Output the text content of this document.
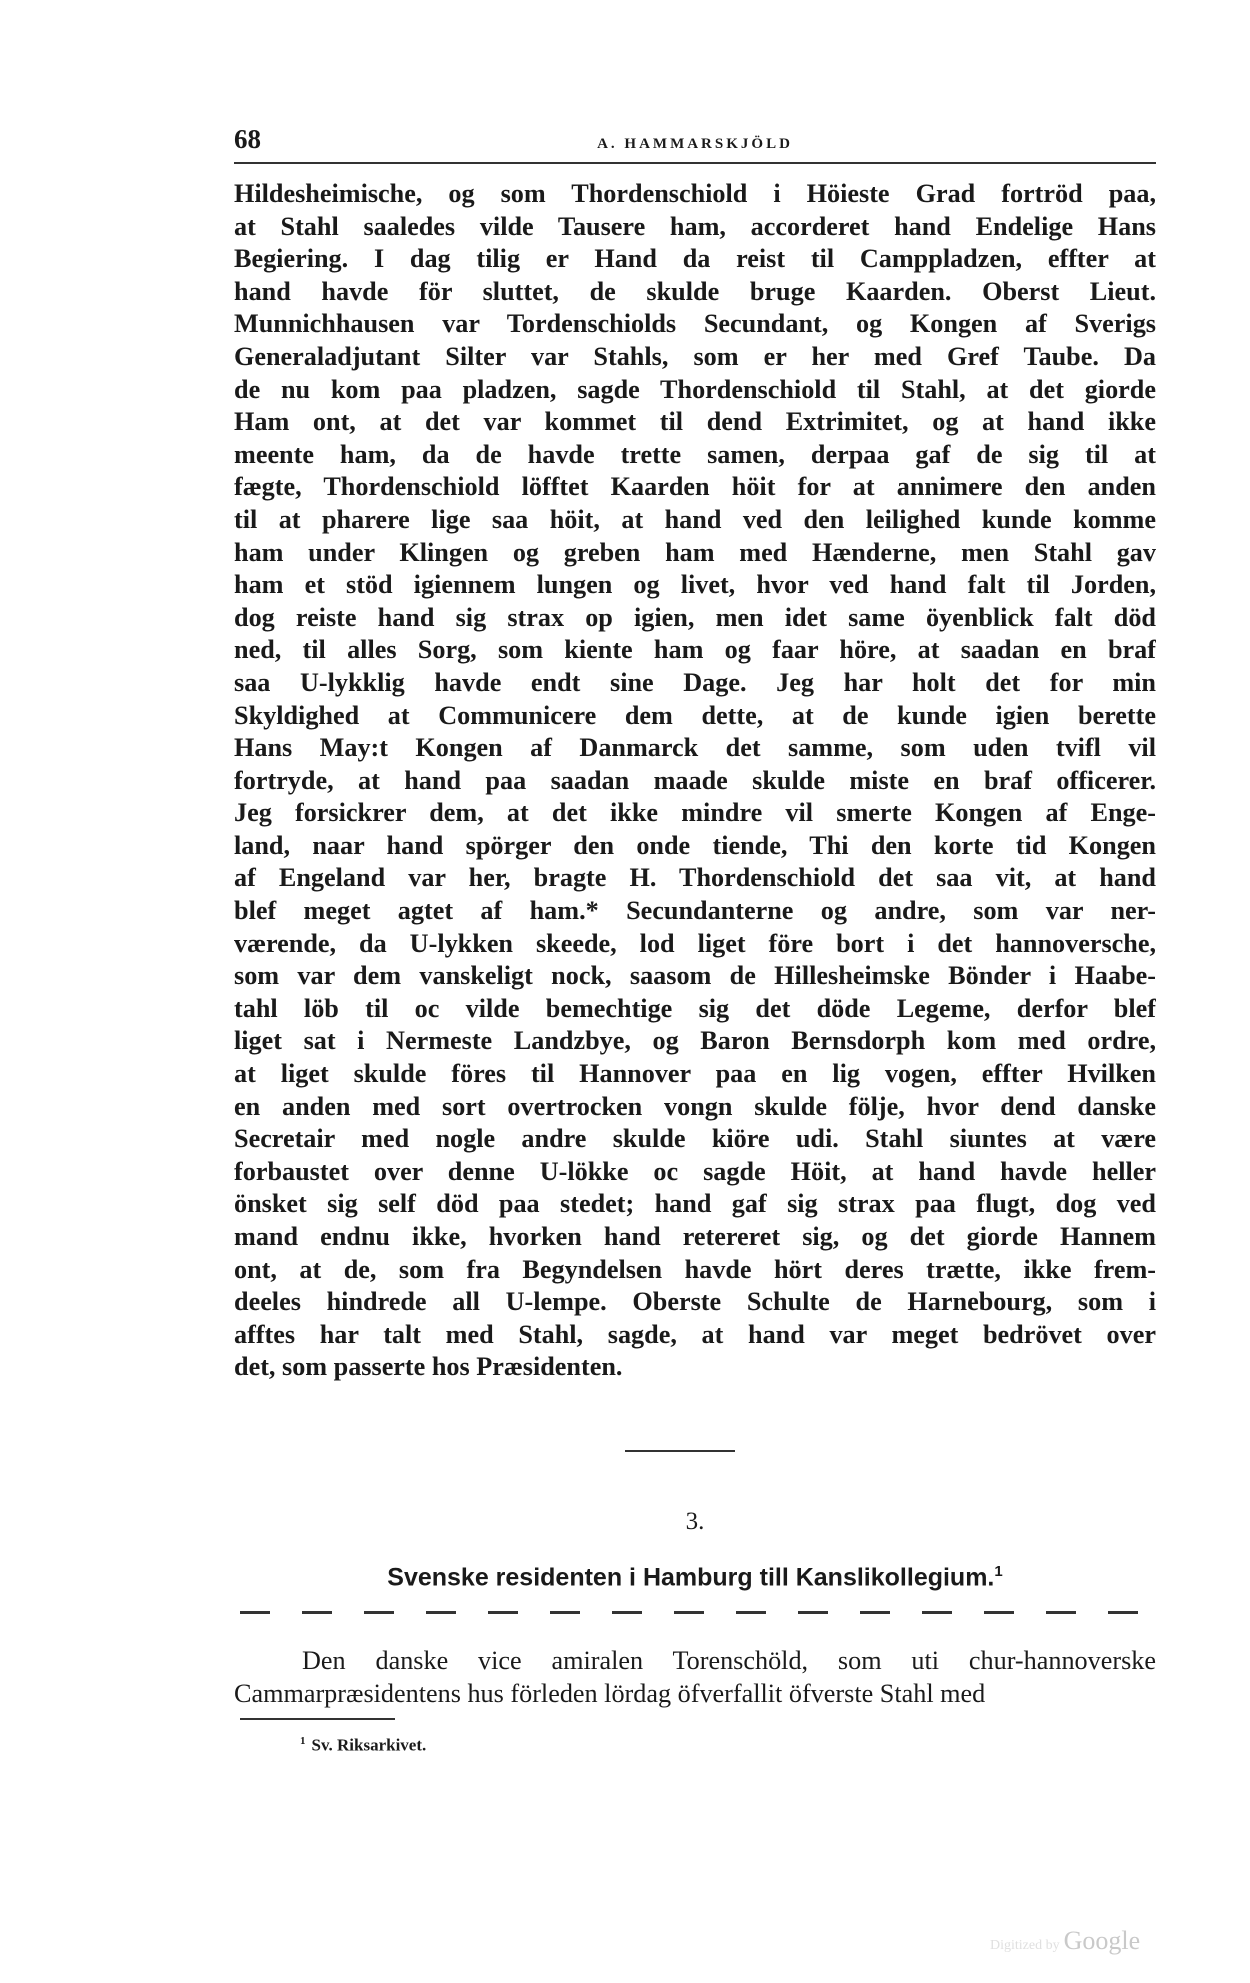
68	A. HAMMARSKJÖLD
Hildesheimische, og som Thordenschiold i Höieste Grad fortröd paa,
at Stahl saaledes vilde Tausere ham, accorderet hand Endelige Hans
Begiering. I dag tilig er Hand da reist til Camppladzen, effter at
hand havde för sluttet, de skulde bruge Kaarden. Oberst Lieut.
Munnichhausen var Tordenschiolds Secundant, og Kongen af Sverigs
Generaladjutant Silter var Stahls, som er her med Gref Taube. Da
de nu kom paa pladzen, sagde Thordenschiold til Stahl, at det giorde
Ham ont, at det var kommet til dend Extrimitet, og at hand ikke
meente ham, da de havde trette samen, derpaa gaf de sig til at
fægte, Thordenschiold löfftet Kaarden höit for at annimere den anden
til at pharere lige saa höit, at hand ved den leilighed kunde komme
ham under Klingen og greben ham med Hænderne, men Stahl gav
ham et stöd igiennem lungen og livet, hvor ved hand falt til Jorden,
dog reiste hand sig strax op igien, men idet same öyenblick falt död
ned, til alles Sorg, som kiente ham og faar höre, at saadan en braf
saa U-lykklig havde endt sine Dage. Jeg har holt det for min
Skyldighed at Communicere dem dette, at de kunde igien berette
Hans May:t Kongen af Danmarck det samme, som uden tvifl vil
fortryde, at hand paa saadan maade skulde miste en braf officerer.
Jeg forsickrer dem, at det ikke mindre vil smerte Kongen af Enge-
land, naar hand spörger den onde tiende, Thi den korte tid Kongen
af Engeland var her, bragte H. Thordenschiold det saa vit, at hand
blef meget agtet af ham.* Secundanterne og andre, som var ner-
værende, da U-lykken skeede, lod liget före bort i det hannoversche,
som var dem vanskeligt nock, saasom de Hillesheimske Bönder i Haabe-
tahl löb til oc vilde bemechtige sig det döde Legeme, derfor blef
liget sat i Nermeste Landzbye, og Baron Bernsdorph kom med ordre,
at liget skulde föres til Hannover paa en lig vogen, effter Hvilken
en anden med sort overtrocken vongn skulde följe, hvor dend danske
Secretair med nogle andre skulde kiöre udi. Stahl siuntes at være
forbaustet over denne U-lökke oc sagde Höit, at hand havde heller
önsket sig self död paa stedet; hand gaf sig strax paa flugt, dog ved
mand endnu ikke, hvorken hand retereret sig, og det giorde Hannem
ont, at de, som fra Begyndelsen havde hört deres trætte, ikke frem-
deeles hindrede all U-lempe. Oberste Schulte de Harnebourg, som i
afftes har talt med Stahl, sagde, at hand var meget bedrövet over
det, som passerte hos Præsidenten.
3.
Svenske residenten i Hamburg till Kanslikollegium.$^1$
Den danske vice amiralen Torenschöld, som uti chur-hannoverske
Cammarpræsidentens hus förleden lördag öfverfallit öfverste Stahl med
$^1$ Sv. Riksarkivet.
Digitized by Google
